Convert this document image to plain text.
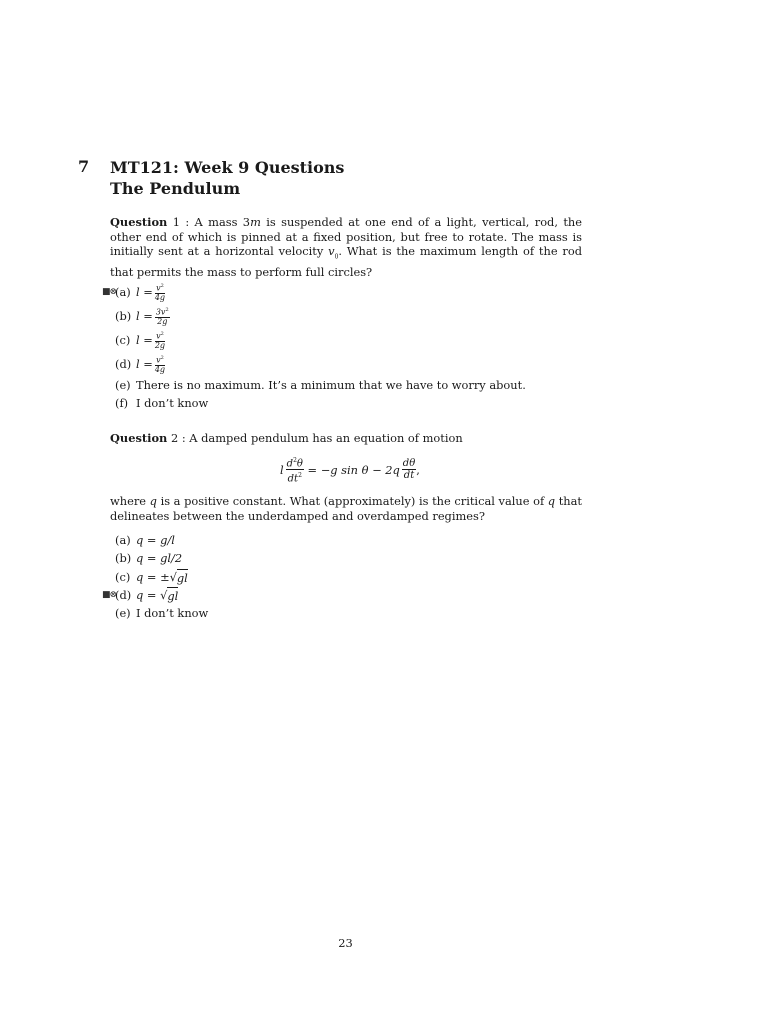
7 MT121: Week 9 Questions
The Pendulum
Question 1 : A mass 3m is suspended at one end of a light, vertical, rod, the other end of which is pinned at a fixed position, but free to rotate. The mass is initially sent at a horizontal velocity $v_0$. What is the maximum length of the rod that permits the mass to perform full circles?
■⊗
(a) $l = \frac{v^2}{4g}$
(b) $l = \frac{3v^2}{2g}$
(c) $l = \frac{v^2}{2g}$
(d) $l = \frac{v^2}{4g}$
(e) There is no maximum. It’s a minimum that we have to worry about.
(f) I don’t know
Question 2 : A damped pendulum has an equation of motion
l $\frac{d^2\theta}{dt^2} = -g$ $\sin \theta - 2q \frac{d\theta}{dt}$ ,
where q is a positive constant. What (approximately) is the critical value of q that delineates between the underdamped and overdamped regimes?
(a) q = g/l
(b) q = gl/2
(c) q = ±√ gl
■⊗
(d) q = √ gl
(e) I don’t know
23
